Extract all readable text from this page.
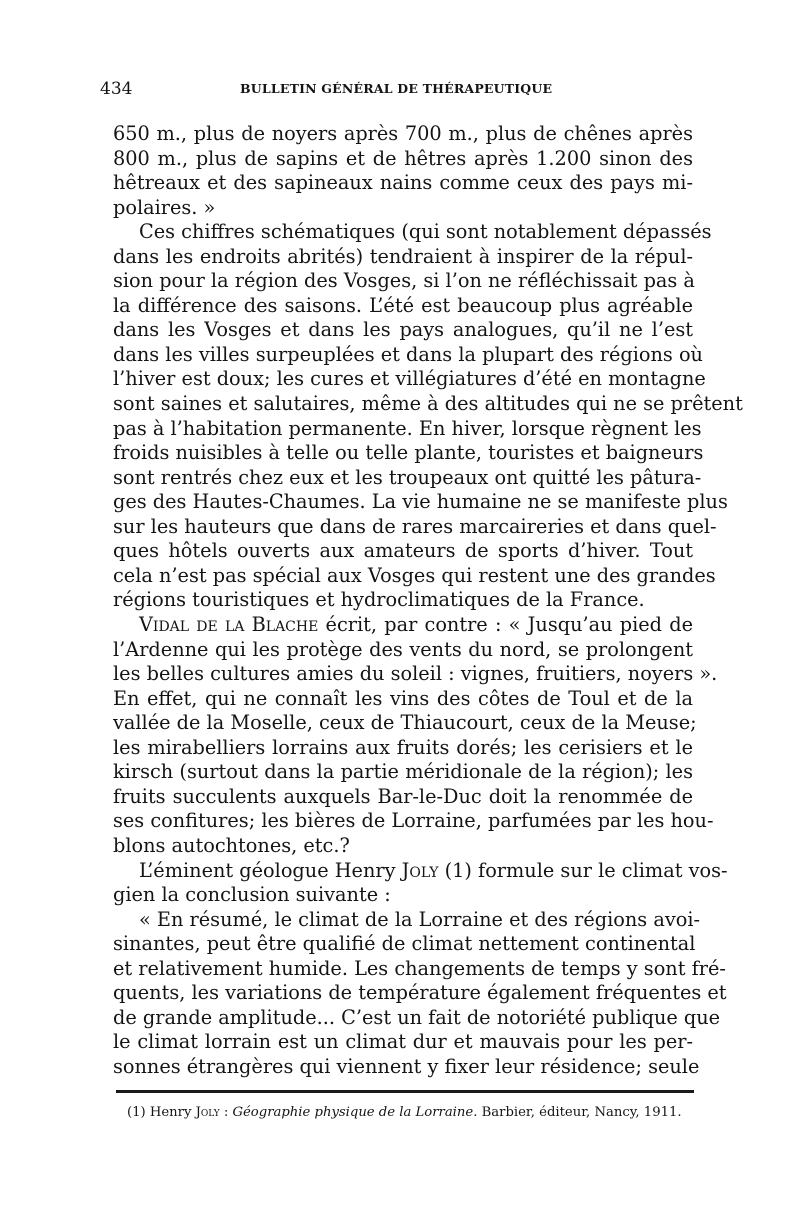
434	BULLETIN GÉNÉRAL DE THÉRAPEUTIQUE
650 m., plus de noyers après 700 m., plus de chênes après
800 m., plus de sapins et de hêtres après 1.200 sinon des
hêtreaux et des sapineaux nains comme ceux des pays mi-
polaires. »
Ces chiffres schématiques (qui sont notablement dépassés
dans les endroits abrités) tendraient à inspirer de la répul-
sion pour la région des Vosges, si l’on ne réfléchissait pas à
la différence des saisons. L’été est beaucoup plus agréable
dans les Vosges et dans les pays analogues, qu’il ne l’est
dans les villes surpeuplées et dans la plupart des régions où
l’hiver est doux; les cures et villégiatures d’été en montagne
sont saines et salutaires, même à des altitudes qui ne se prêtent
pas à l’habitation permanente. En hiver, lorsque règnent les
froids nuisibles à telle ou telle plante, touristes et baigneurs
sont rentrés chez eux et les troupeaux ont quitté les pâtura-
ges des Hautes-Chaumes. La vie humaine ne se manifeste plus
sur les hauteurs que dans de rares marcaireries et dans quel-
ques hôtels ouverts aux amateurs de sports d’hiver. Tout
cela n’est pas spécial aux Vosges qui restent une des grandes
régions touristiques et hydroclimatiques de la France.
Vidal de la Blache écrit, par contre : « Jusqu’au pied de
l’Ardenne qui les protège des vents du nord, se prolongent
les belles cultures amies du soleil : vignes, fruitiers, noyers ».
En effet, qui ne connaît les vins des côtes de Toul et de la
vallée de la Moselle, ceux de Thiaucourt, ceux de la Meuse;
les mirabelliers lorrains aux fruits dorés; les cerisiers et le
kirsch (surtout dans la partie méridionale de la région); les
fruits succulents auxquels Bar-le-Duc doit la renommée de
ses confitures; les bières de Lorraine, parfumées par les hou-
blons autochtones, etc.?
L’éminent géologue Henry Joly (1) formule sur le climat vos-
gien la conclusion suivante :
« En résumé, le climat de la Lorraine et des régions avoi-
sinantes, peut être qualifié de climat nettement continental
et relativement humide. Les changements de temps y sont fré-
quents, les variations de température également fréquentes et
de grande amplitude... C’est un fait de notoriété publique que
le climat lorrain est un climat dur et mauvais pour les per-
sonnes étrangères qui viennent y fixer leur résidence; seule
(1) Henry Joly : Géographie physique de la Lorraine. Barbier, éditeur, Nancy, 1911.
